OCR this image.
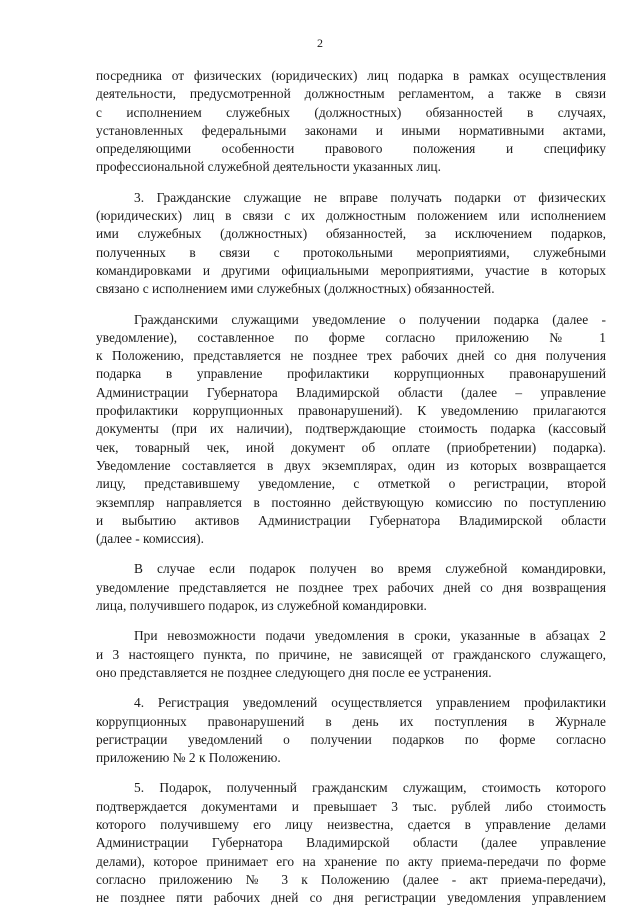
2

посредника от физических (юридических) лиц подарка в рамках осуществления
деятельности, предусмотренной должностным регламентом, а также в связи
с исполнением служебных (должностных) обязанностей в случаях,
установленных федеральными законами и иными нормативными актами,
определяющими особенности правового положения и специфику
профессиональной служебной деятельности указанных лиц.

3. Гражданские служащие не вправе получать подарки от физических
(юридических) лиц в связи с их должностным положением или исполнением
ими служебных (должностных) обязанностей, за исключением подарков,
полученных в связи с протокольными мероприятиями, служебными
командировками и другими официальными мероприятиями, участие в которых
связано с исполнением ими служебных (должностных) обязанностей.

Гражданскими служащими уведомление о получении подарка (далее -
уведомление), составленное по форме согласно приложению № 1
к Положению, представляется не позднее трех рабочих дней со дня получения
подарка в управление профилактики коррупционных правонарушений
Администрации Губернатора Владимирской области (далее – управление
профилактики коррупционных правонарушений). К уведомлению прилагаются
документы (при их наличии), подтверждающие стоимость подарка (кассовый
чек, товарный чек, иной документ об оплате (приобретении) подарка).
Уведомление составляется в двух экземплярах, один из которых возвращается
лицу, представившему уведомление, с отметкой о регистрации, второй
экземпляр направляется в постоянно действующую комиссию по поступлению
и выбытию активов Администрации Губернатора Владимирской области
(далее - комиссия).

В случае если подарок получен во время служебной командировки,
уведомление представляется не позднее трех рабочих дней со дня возвращения
лица, получившего подарок, из служебной командировки.

При невозможности подачи уведомления в сроки, указанные в абзацах 2
и 3 настоящего пункта, по причине, не зависящей от гражданского служащего,
оно представляется не позднее следующего дня после ее устранения.

4. Регистрация уведомлений осуществляется управлением профилактики
коррупционных правонарушений в день их поступления в Журнале
регистрации уведомлений о получении подарков по форме согласно
приложению № 2 к Положению.

5. Подарок, полученный гражданским служащим, стоимость которого
подтверждается документами и превышает 3 тыс. рублей либо стоимость
которого получившему его лицу неизвестна, сдается в управление делами
Администрации Губернатора Владимирской области (далее управление
делами), которое принимает его на хранение по акту приема-передачи по форме
согласно приложению № 3 к Положению (далее - акт приема-передачи),
не позднее пяти рабочих дней со дня регистрации уведомления управлением
